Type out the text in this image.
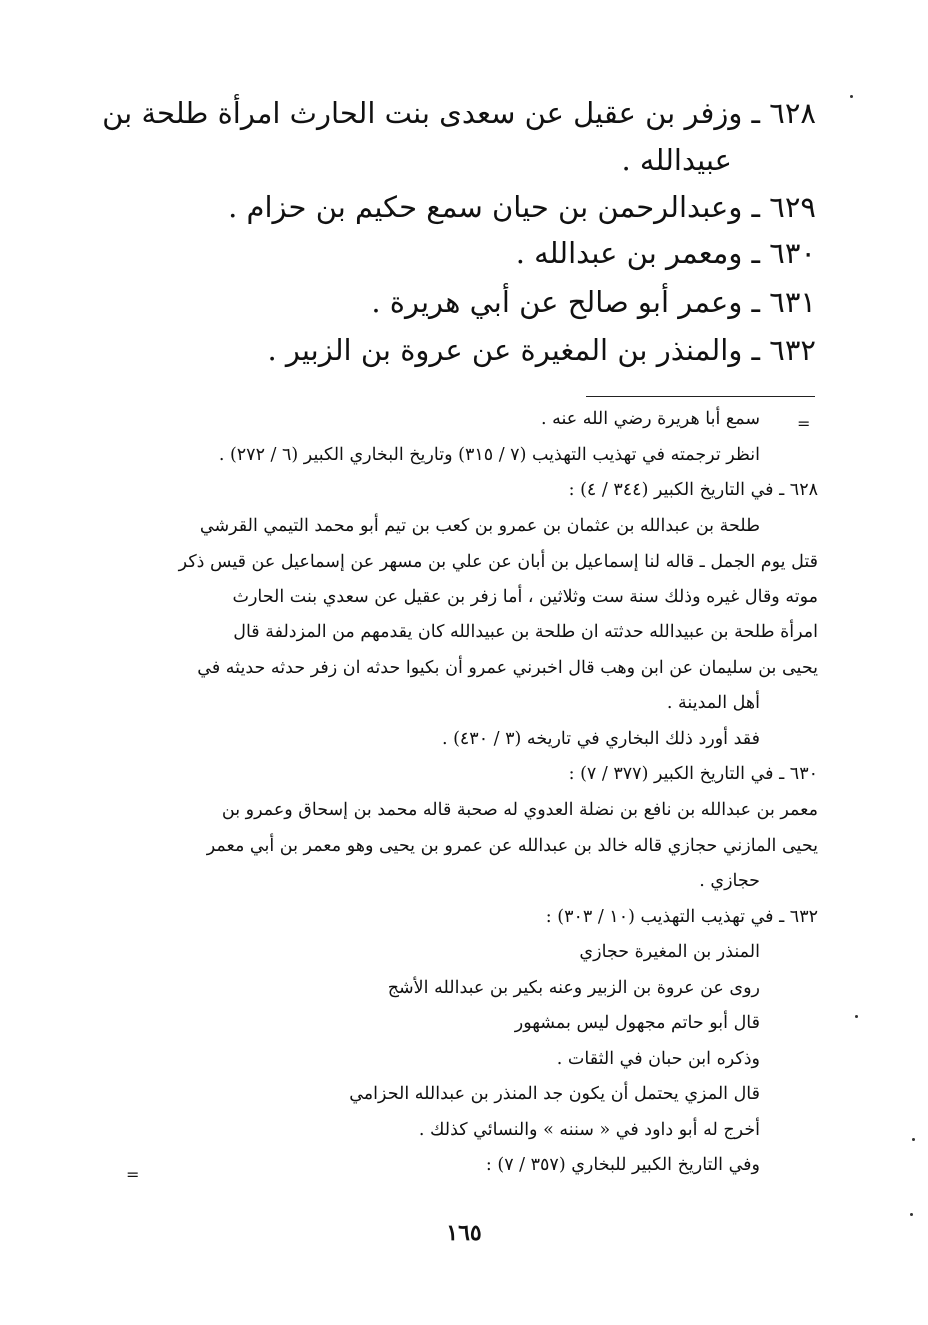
٦٢٨ ـ وزفر بن عقيل عن سعدى بنت الحارث امرأة طلحة بن
عبيدالله .
٦٢٩ ـ وعبدالرحمن بن حيان سمع حكيم بن حزام .
٦٣٠ ـ ومعمر بن عبدالله .
٦٣١ ـ وعمر أبو صالح عن أبي هريرة .
٦٣٢ ـ والمنذر بن المغيرة عن عروة بن الزبير .
=
سمع أبا هريرة رضي الله عنه .
انظر ترجمته في تهذيب التهذيب (٧ / ٣١٥) وتاريخ البخاري الكبير (٦ / ٢٧٢) .
٦٢٨ ـ في التاريخ الكبير (٣٤٤ / ٤) :
طلحة بن عبدالله بن عثمان بن عمرو بن كعب بن تيم أبو محمد التيمي القرشي
قتل يوم الجمل ـ قاله لنا إسماعيل بن أبان عن علي بن مسهر عن إسماعيل عن قيس ذكر
موته وقال غيره وذلك سنة ست وثلاثين ، أما زفر بن عقيل عن سعدي بنت الحارث
امرأة طلحة بن عبيدالله حدثته ان طلحة بن عبيدالله كان يقدمهم من المزدلفة قال
يحيى بن سليمان عن ابن وهب قال اخبرني عمرو أن بكيوا حدثه ان زفر حدثه حديثه في
أهل المدينة .
فقد أورد ذلك البخاري في تاريخه (٣ / ٤٣٠) .
٦٣٠ ـ في التاريخ الكبير (٣٧٧ / ٧) :
معمر بن عبدالله بن نافع بن نضلة العدوي له صحبة قاله محمد بن إسحاق وعمرو بن
يحيى المازني حجازي قاله خالد بن عبدالله عن عمرو بن يحيى وهو معمر بن أبي معمر
حجازي .
٦٣٢ ـ في تهذيب التهذيب (١٠ / ٣٠٣) :
المنذر بن المغيرة حجازي
روى عن عروة بن الزبير وعنه بكير بن عبدالله الأشج
قال أبو حاتم مجهول ليس بمشهور
وذكره ابن حبان في الثقات .
قال المزي يحتمل أن يكون جد المنذر بن عبدالله الحزامي
أخرج له أبو داود في « سننه » والنسائي كذلك .
وفي التاريخ الكبير للبخاري (٣٥٧ / ٧) :
=
١٦٥
